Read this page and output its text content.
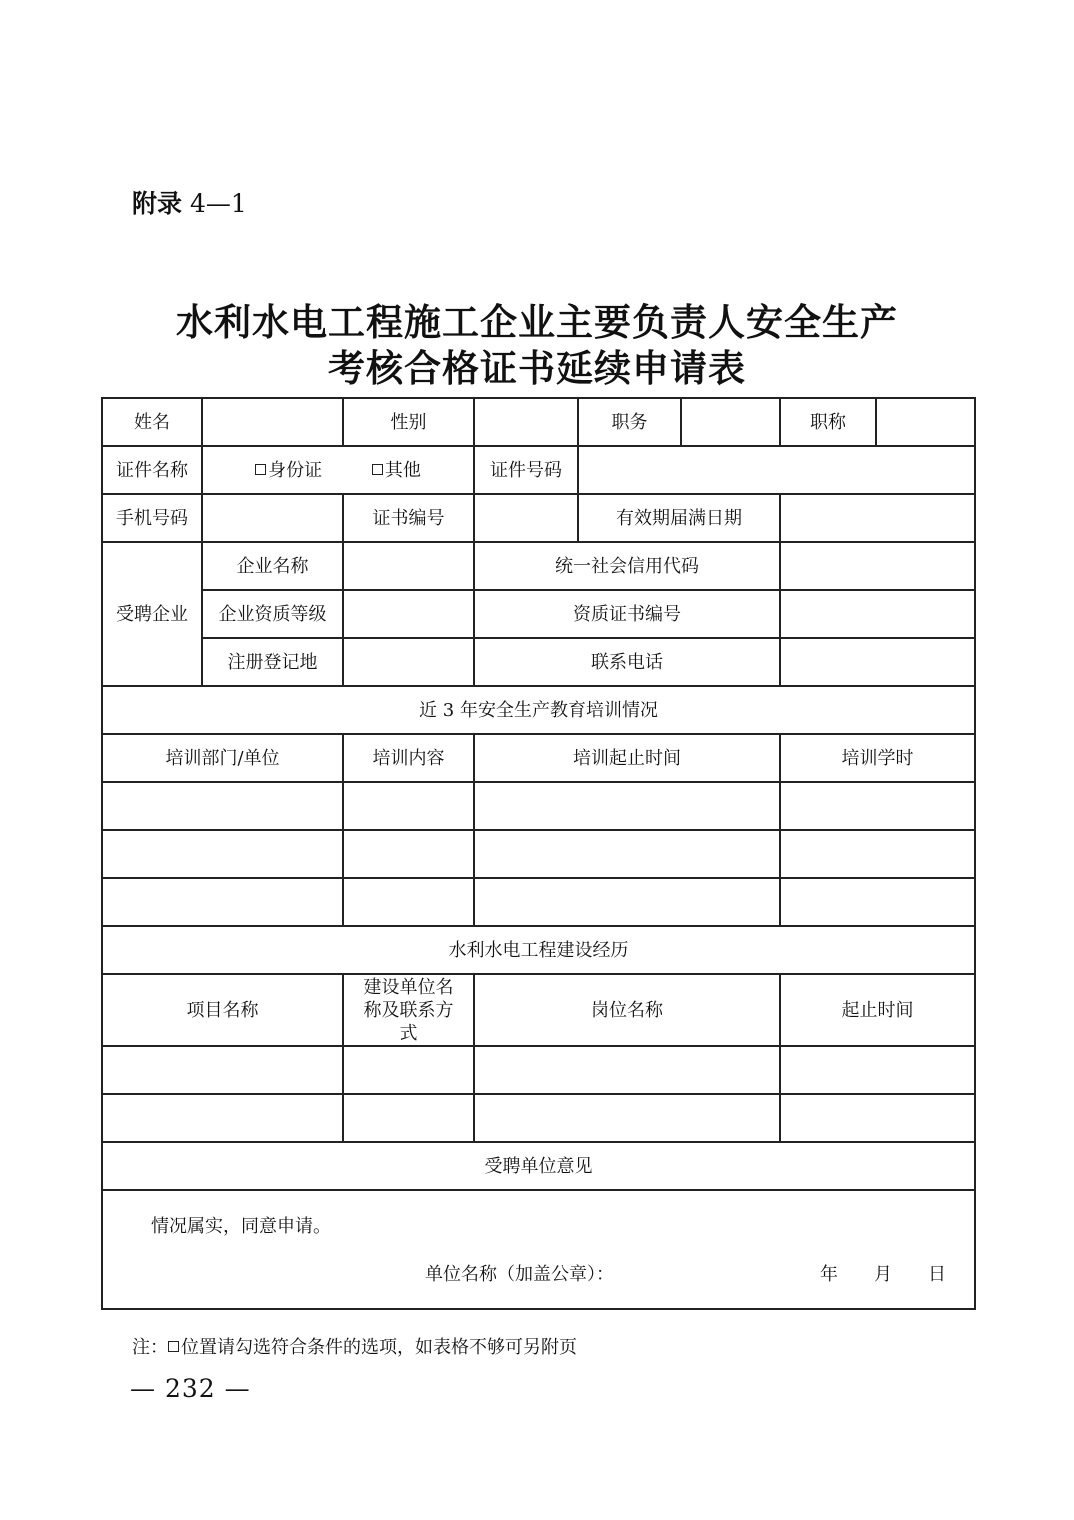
附录 4—1
水利水电工程施工企业主要负责人安全生产
考核合格证书延续申请表
姓名		性别		职务		职称	
证件名称	身份证 其他		证件号码				
手机号码		证书编号		有效期届满日期			
受聘企业	企业名称		统一社会信用代码				
	企业资质等级		资质证书编号				
	注册登记地		联系电话				
近 3 年安全生产教育培训情况							
培训部门/单位		培训内容	培训起止时间			培训学时	

水利水电工程建设经历							
项目名称		建设单位名
称及联系方
式	岗位名称			起止时间	

受聘单位意见							

情况属实，同意申请。
单位名称（加盖公章）： 年 月 日							
注： 位置请勾选符合条件的选项，如表格不够可另附页
— 232 —
